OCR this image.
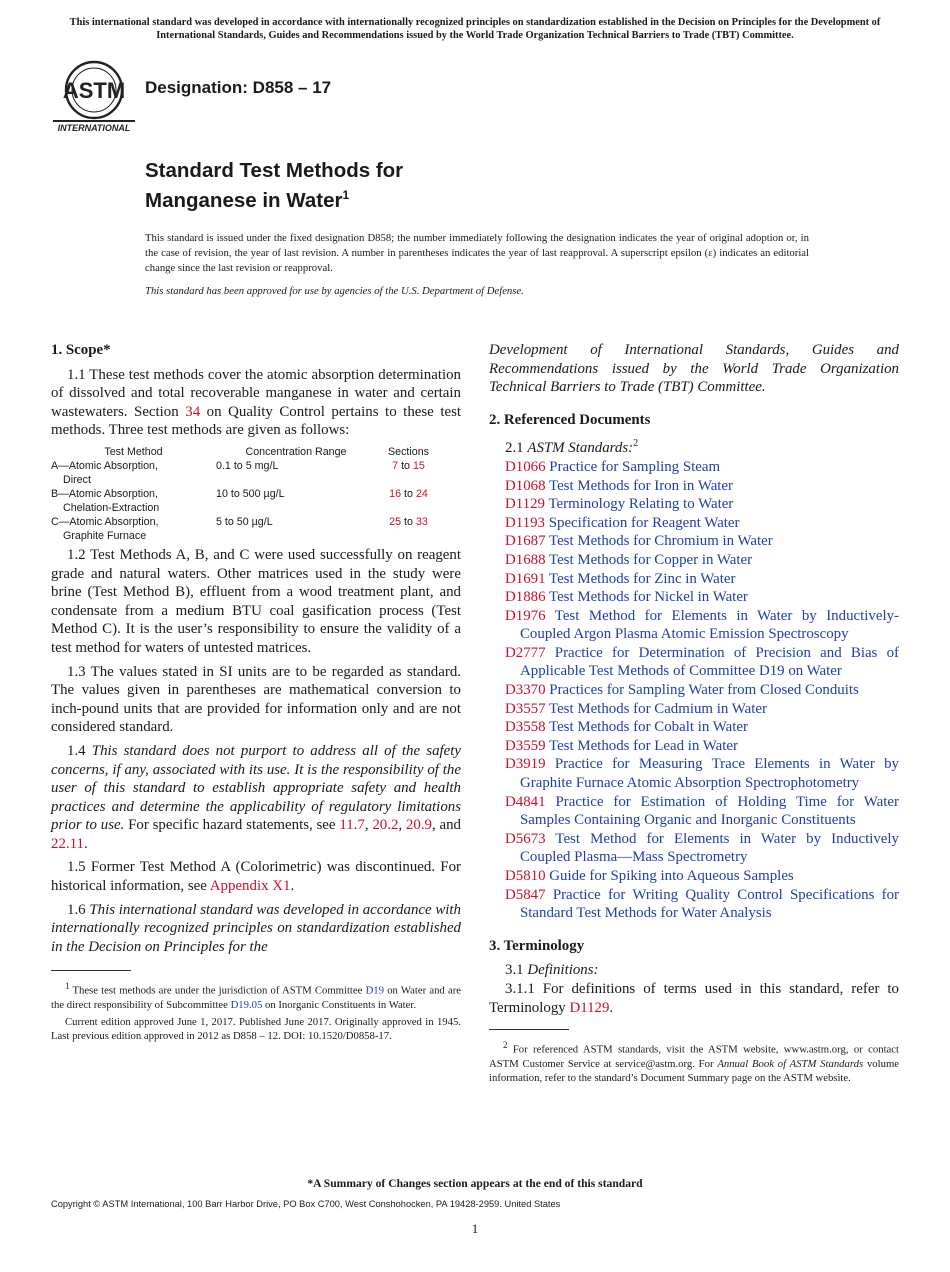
This international standard was developed in accordance with internationally recognized principles on standardization established in the Decision on Principles for the Development of International Standards, Guides and Recommendations issued by the World Trade Organization Technical Barriers to Trade (TBT) Committee.
ASTM
INTERNATIONAL
Designation: D858 – 17
Standard Test Methods for
Manganese in Water$^1$
This standard is issued under the fixed designation D858; the number immediately following the designation indicates the year of original adoption or, in the case of revision, the year of last revision. A number in parentheses indicates the year of last reapproval. A superscript epsilon (ε) indicates an editorial change since the last revision or reapproval.
This standard has been approved for use by agencies of the U.S. Department of Defense.
1. Scope*

1.1 These test methods cover the atomic absorption determination of dissolved and total recoverable manganese in water and certain wastewaters. Section 34 on Quality Control pertains to these test methods. Three test methods are given as follows:

Test Method	Concentration Range	Sections
A—Atomic Absorption,
Direct
0.1 to 5 mg/L	7 to 15
B—Atomic Absorption,
Chelation-Extraction
10 to 500 µg/L	16 to 24
C—Atomic Absorption,
Graphite Furnace
5 to 50 µg/L	25 to 33

1.2 Test Methods A, B, and C were used successfully on reagent grade and natural waters. Other matrices used in the study were brine (Test Method B), effluent from a wood treatment plant, and condensate from a medium BTU coal gasification process (Test Method C). It is the user’s responsibility to ensure the validity of a test method for waters of untested matrices.

1.3 The values stated in SI units are to be regarded as standard. The values given in parentheses are mathematical conversion to inch-pound units that are provided for information only and are not considered standard.

1.4 This standard does not purport to address all of the safety concerns, if any, associated with its use. It is the responsibility of the user of this standard to establish appropriate safety and health practices and determine the applicability of regulatory limitations prior to use. For specific hazard statements, see 11.7, 20.2, 20.9, and 22.11.

1.5 Former Test Method A (Colorimetric) was discontinued. For historical information, see Appendix X1.

1.6 This international standard was developed in accordance with internationally recognized principles on standardization established in the Decision on Principles for the

$^1$ These test methods are under the jurisdiction of ASTM Committee D19 on Water and are the direct responsibility of Subcommittee D19.05 on Inorganic Constituents in Water.

Current edition approved June 1, 2017. Published June 2017. Originally approved in 1945. Last previous edition approved in 2012 as D858 – 12. DOI: 10.1520/D0858-17.

Development of International Standards, Guides and Recommendations issued by the World Trade Organization Technical Barriers to Trade (TBT) Committee.

2. Referenced Documents

2.1 ASTM Standards:$^2$

D1066 Practice for Sampling Steam

D1068 Test Methods for Iron in Water

D1129 Terminology Relating to Water

D1193 Specification for Reagent Water

D1687 Test Methods for Chromium in Water

D1688 Test Methods for Copper in Water

D1691 Test Methods for Zinc in Water

D1886 Test Methods for Nickel in Water

D1976 Test Method for Elements in Water by Inductively-Coupled Argon Plasma Atomic Emission Spectroscopy

D2777 Practice for Determination of Precision and Bias of Applicable Test Methods of Committee D19 on Water

D3370 Practices for Sampling Water from Closed Conduits

D3557 Test Methods for Cadmium in Water

D3558 Test Methods for Cobalt in Water

D3559 Test Methods for Lead in Water

D3919 Practice for Measuring Trace Elements in Water by Graphite Furnace Atomic Absorption Spectrophotometry

D4841 Practice for Estimation of Holding Time for Water Samples Containing Organic and Inorganic Constituents

D5673 Test Method for Elements in Water by Inductively Coupled Plasma—Mass Spectrometry

D5810 Guide for Spiking into Aqueous Samples

D5847 Practice for Writing Quality Control Specifications for Standard Test Methods for Water Analysis

3. Terminology

3.1 Definitions:

3.1.1 For definitions of terms used in this standard, refer to Terminology D1129.

$^2$ For referenced ASTM standards, visit the ASTM website, www.astm.org, or contact ASTM Customer Service at service@astm.org. For Annual Book of ASTM Standards volume information, refer to the standard’s Document Summary page on the ASTM website.

*A Summary of Changes section appears at the end of this standard
Copyright © ASTM International, 100 Barr Harbor Drive, PO Box C700, West Conshohocken, PA 19428-2959. United States
1
